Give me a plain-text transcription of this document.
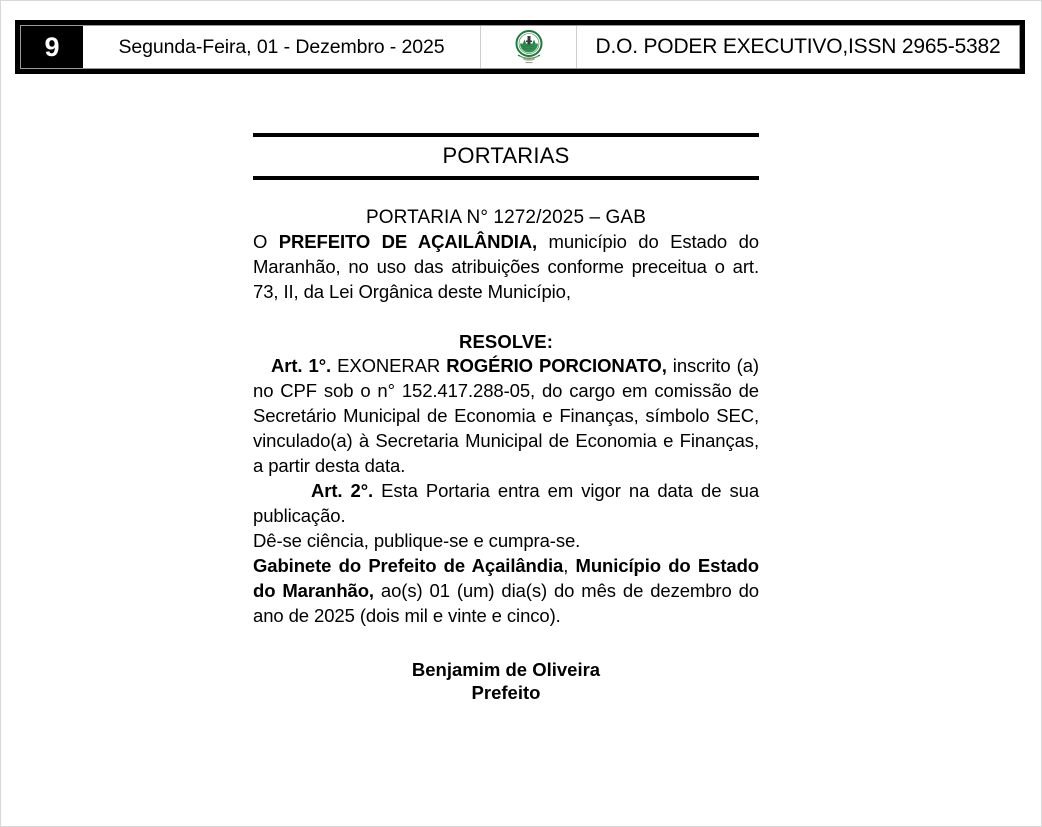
9	Segunda-Feira, 01 - Dezembro - 2025	D.O. PODER EXECUTIVO,ISSN 2965-5382
PORTARIAS
PORTARIA N° 1272/2025 – GAB

O PREFEITO DE AÇAILÂNDIA, município do Estado do Maranhão, no uso das atribuições conforme preceitua o art. 73, II, da Lei Orgânica deste Município,

RESOLVE:

Art. 1°. EXONERAR ROGÉRIO PORCIONATO, inscrito (a) no CPF sob o n° 152.417.288-05, do cargo em comissão de Secretário Municipal de Economia e Finanças, símbolo SEC, vinculado(a) à Secretaria Municipal de Economia e Finanças, a partir desta data.

Art. 2°. Esta Portaria entra em vigor na data de sua publicação.

Dê-se ciência, publique-se e cumpra-se.

Gabinete do Prefeito de Açailândia, Município do Estado do Maranhão, ao(s) 01 (um) dia(s) do mês de dezembro do ano de 2025 (dois mil e vinte e cinco).

Benjamim de Oliveira
Prefeito
